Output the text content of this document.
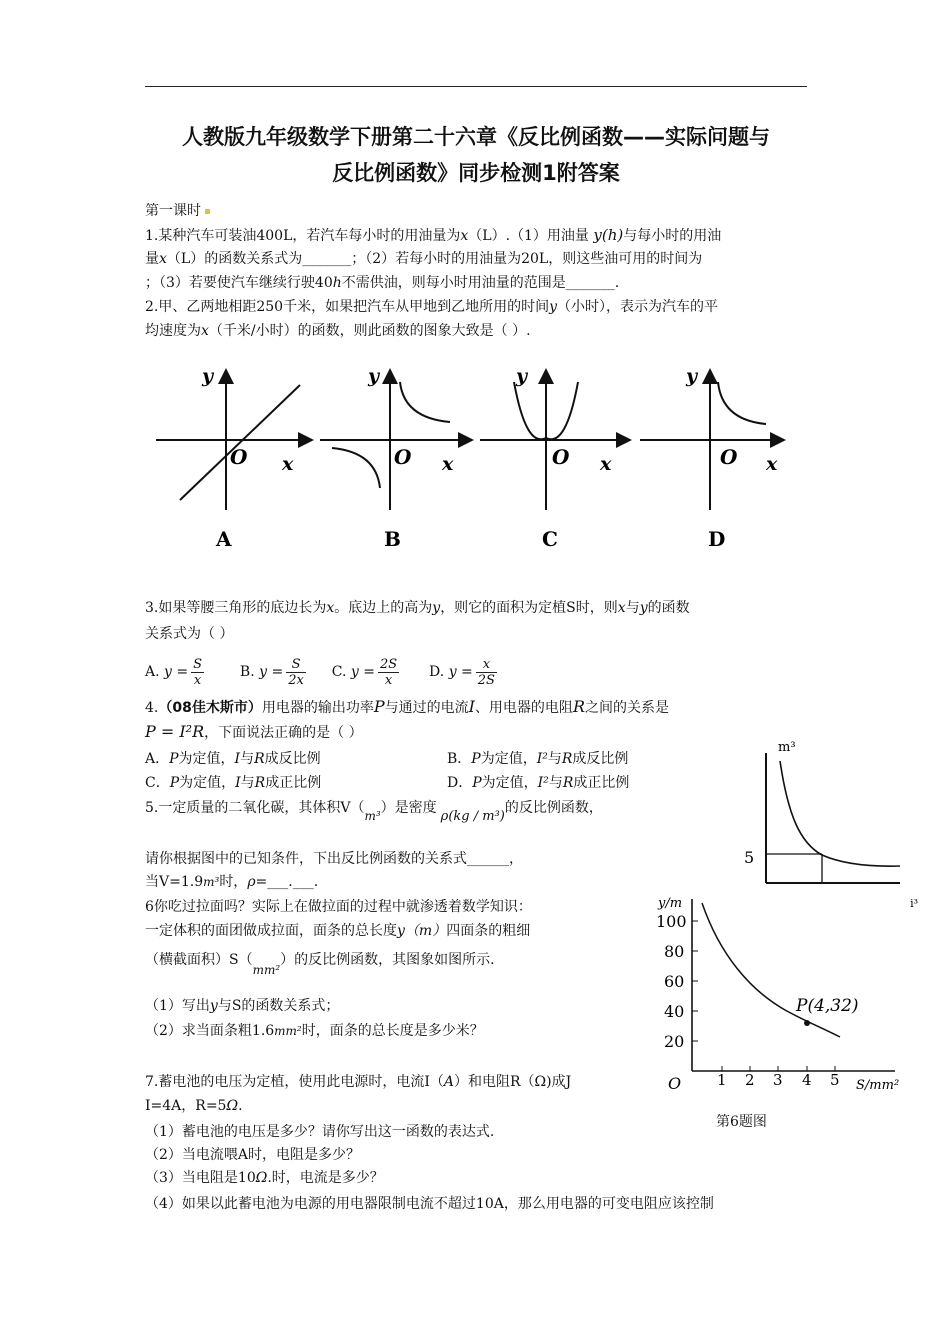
人教版九年级数学下册第二十六章《反比例函数——实际问题与
反比例函数》同步检测1附答案
第一课时
1.某种汽车可装油400L，若汽车每小时的用油量为x（L）.（1）用油量 y(h)与每小时的用油
量x（L）的函数关系式为_______；（2）若每小时的用油量为20L，则这些油可用的时间为
；（3）若要使汽车继续行驶40h不需供油，则每小时用油量的范围是_______.
2.甲、乙两地相距250千米，如果把汽车从甲地到乙地所用的时间y（小时），表示为汽车的平
均速度为x（千米/小时）的函数，则此函数的图象大致是（ ）.
y
O x
A
y
O x
B
y
O x
C
y
O x
D
3.如果等腰三角形的底边长为x。底边上的高为y，则它的面积为定植S时，则x与y的函数
关系式为（ ）
A. $y = \frac{S}{x}$	B. $y = \frac{S}{2x} C$. $y = \frac{2S}{x} D$. $y = \frac{x}{2S}$
4.（08佳木斯市）用电器的输出功率P与通过的电流I、用电器的电阻R之间的关系是
P = I²R，下面说法正确的是（ ）
A．P为定值，I与R成反比例	B．P为定值，I²与R成反比例
C．P为定值，I与R成正比例	D．P为定值，I²与R成正比例
m³
5
5.一定质量的二氧化碳，其体积V（m³）是密度ρ(kg / m³)的反比例函数，
请你根据图中的已知条件，下出反比例函数的关系式______，
当V=1.9m³时，ρ=___.___.
6你吃过拉面吗？实际上在做拉面的过程中就渗透着数学知识：
一定体积的面团做成拉面，面条的总长度y（m）四面条的粗细
（横截面积）S（mm²）的反比例函数，其图象如图所示.
（1）写出y与S的函数关系式；
（2）求当面条粗1.6mm²时，面条的总长度是多少米？
100
80
60
40
20
1 2 3 4 5
P(4,32)
O
y/m
S/mm²
i³
第6题图
7.蓄电池的电压为定植，使用此电源时，电流I（A）和电阻R（Ω)成J
I=4A，R=5Ω.
（1）蓄电池的电压是多少？请你写出这一函数的表达式.
（2）当电流喂A时，电阻是多少？
（3）当电阻是10Ω.时，电流是多少？
（4）如果以此蓄电池为电源的用电器限制电流不超过10A，那么用电器的可变电阻应该控制
